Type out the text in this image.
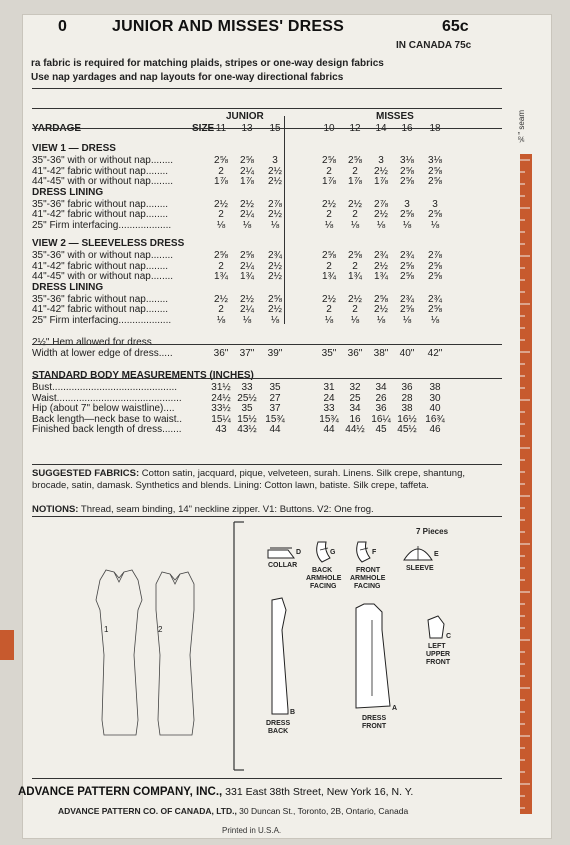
0	JUNIOR AND MISSES' DRESS	65c
IN CANADA 75c
ra fabric is required for matching plaids, stripes or one-way design fabrics
Use nap yardages and nap layouts for one-way directional fabrics
JUNIOR	MISSES
YARDAGE	SIZE 11	13	15	10	12	14	16	18
VIEW 1 — DRESS
35"-36" with or without nap........	2⅝	2⅝	3	2⅝	2⅝	3	3⅛	3⅛
41"-42" fabric without nap........	2	2¼	2½	2	2	2½	2⅝	2⅝
44"-45" with or without nap........	1⅞	1⅞	2½	1⅞	1⅞	1⅞	2⅝	2⅝
DRESS LINING
35"-36" fabric without nap........	2½	2½	2⅞	2½	2½	2⅞	3	3
41"-42" fabric without nap........	2	2¼	2½	2	2	2½	2⅝	2⅝
25" Firm interfacing...................	⅛	⅛	⅛	⅛	⅛	⅛	⅛	⅛
VIEW 2 — SLEEVELESS DRESS
35"-36" with or without nap........	2⅝	2⅝	2¾	2⅝	2⅝	2¾	2¾	2⅞
41"-42" fabric without nap........	2	2¼	2½	2	2	2½	2⅝	2⅝
44"-45" with or without nap........	1¾	1¾	2½	1¾	1¾	1¾	2⅝	2⅝
DRESS LINING
35"-36" fabric without nap........	2½	2½	2⅝	2½	2½	2⅝	2¾	2¾
41"-42" fabric without nap........	2	2¼	2½	2	2	2½	2⅝	2⅝
25" Firm interfacing...................	⅛	⅛	⅛	⅛	⅛	⅛	⅛	⅛
2½" Hem allowed for dress
Width at lower edge of dress.....	36"	37"	39"	35"	36"	38"	40"	42"
STANDARD BODY MEASUREMENTS (INCHES)
Bust.............................................	31½	33	35	31	32	34	36	38
Waist.............................................	24½ 25½	27	24	25	26	28	30
Hip (about 7" below waistline)....	33½	35	37	33	34	36	38	40
Back length—neck base to waist..	15¼ 15½ 15¾	15¾	16	16¼ 16½ 16¾
Finished back length of dress.......	43	43½	44	44	44½	45	45½	46
SUGGESTED FABRICS: Cotton satin, jacquard, pique, velveteen, surah. Linens. Silk crepe, shantung, brocade, satin, damask. Synthetics and blends. Lining: Cotton lawn, batiste. Silk crepe, taffeta.
NOTIONS: Thread, seam binding, 14" neckline zipper. V1: Buttons. V2: One frog.
7 Pieces
1	2
D
COLLAR
G
BACK
ARMHOLE
FACING
F
FRONT
ARMHOLE
FACING
E
SLEEVE
B
DRESS
BACK
A
DRESS
FRONT
C
LEFT
UPPER
FRONT
ADVANCE PATTERN COMPANY, INC., 331 East 38th Street, New York 16, N. Y.
ADVANCE PATTERN CO. OF CANADA, LTD., 30 Duncan St., Toronto, 2B, Ontario, Canada
Printed in U.S.A.
⅝" seam
